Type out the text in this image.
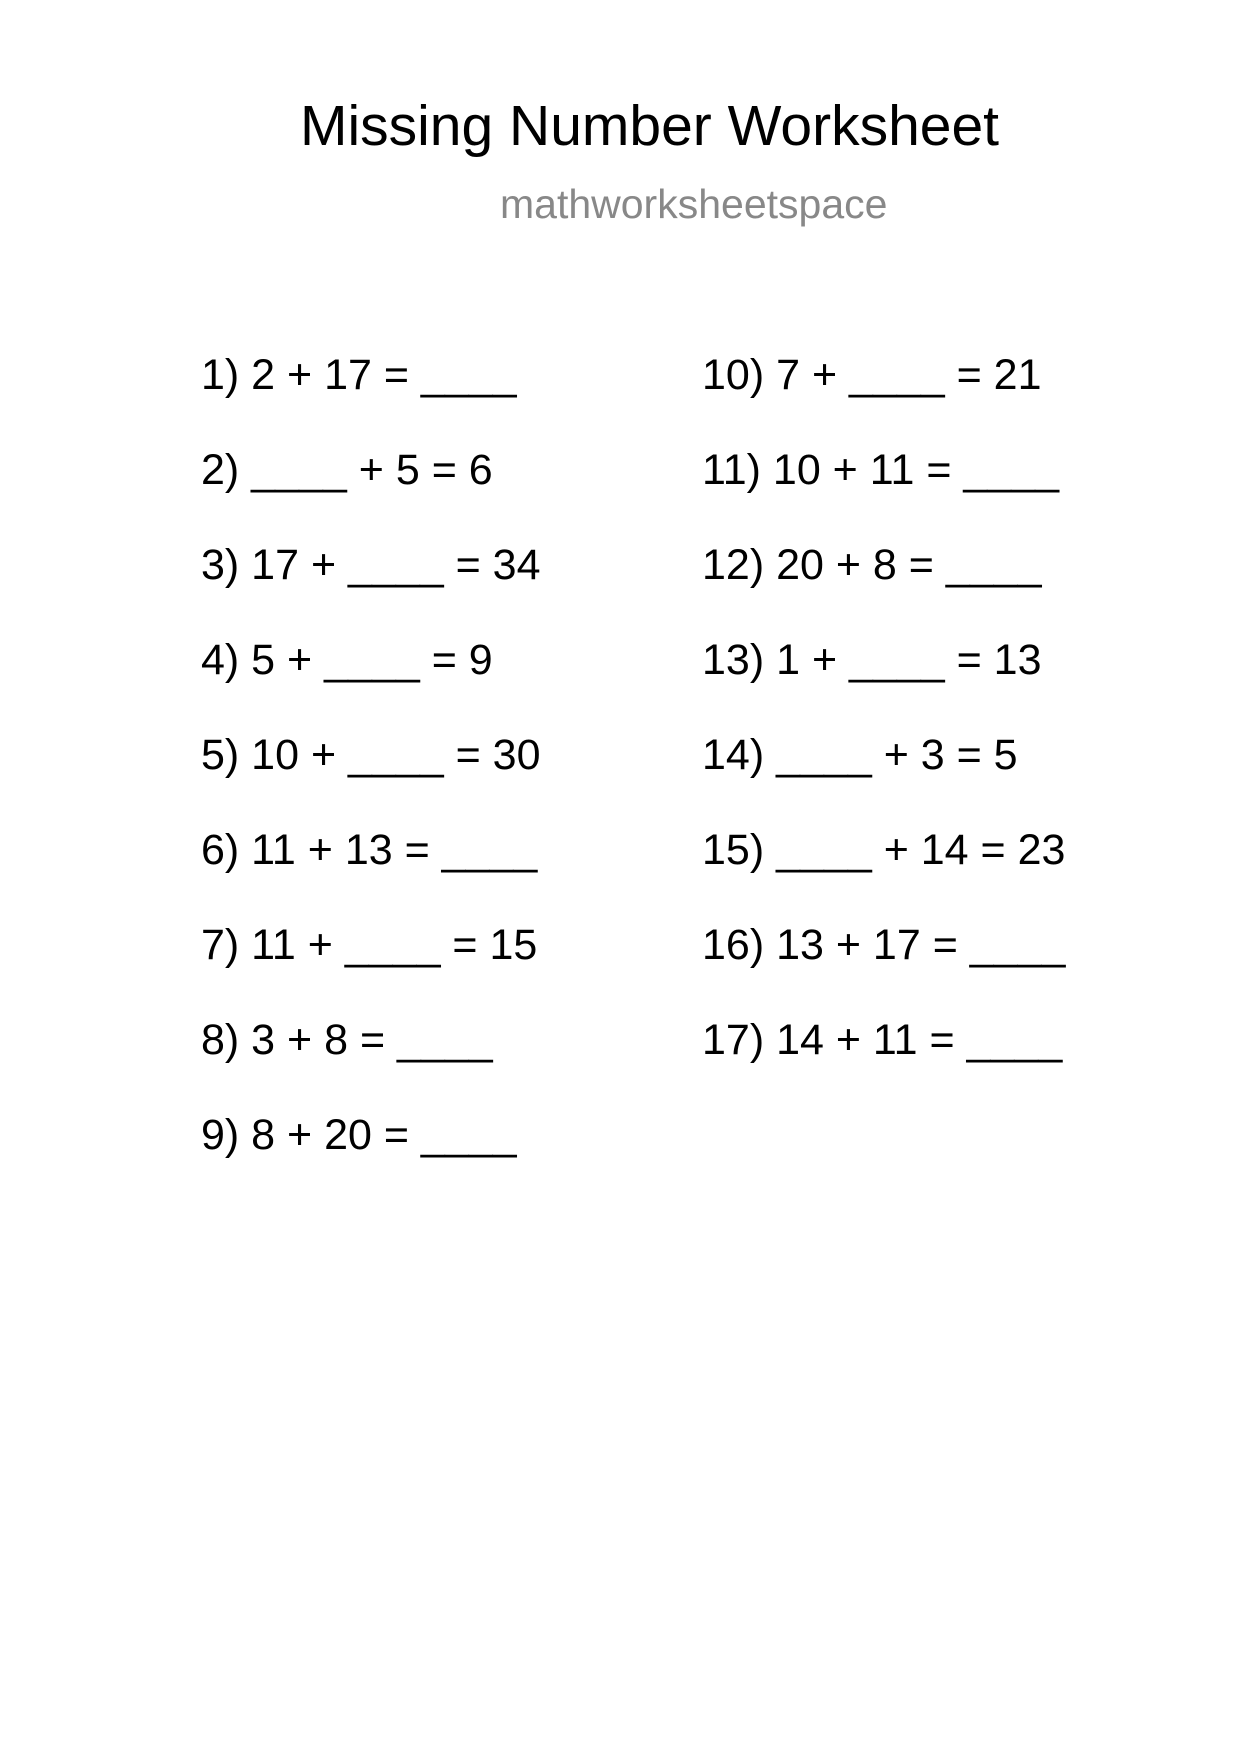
Missing Number Worksheet
mathworksheetspace
1) 2 + 17 = ____
2) ____ + 5 = 6
3) 17 + ____ = 34
4) 5 + ____ = 9
5) 10 + ____ = 30
6) 11 + 13 = ____
7) 11 + ____ = 15
8) 3 + 8 = ____
9) 8 + 20 = ____
10) 7 + ____ = 21
11) 10 + 11 = ____
12) 20 + 8 = ____
13) 1 + ____ = 13
14) ____ + 3 = 5
15) ____ + 14 = 23
16) 13 + 17 = ____
17) 14 + 11 = ____
